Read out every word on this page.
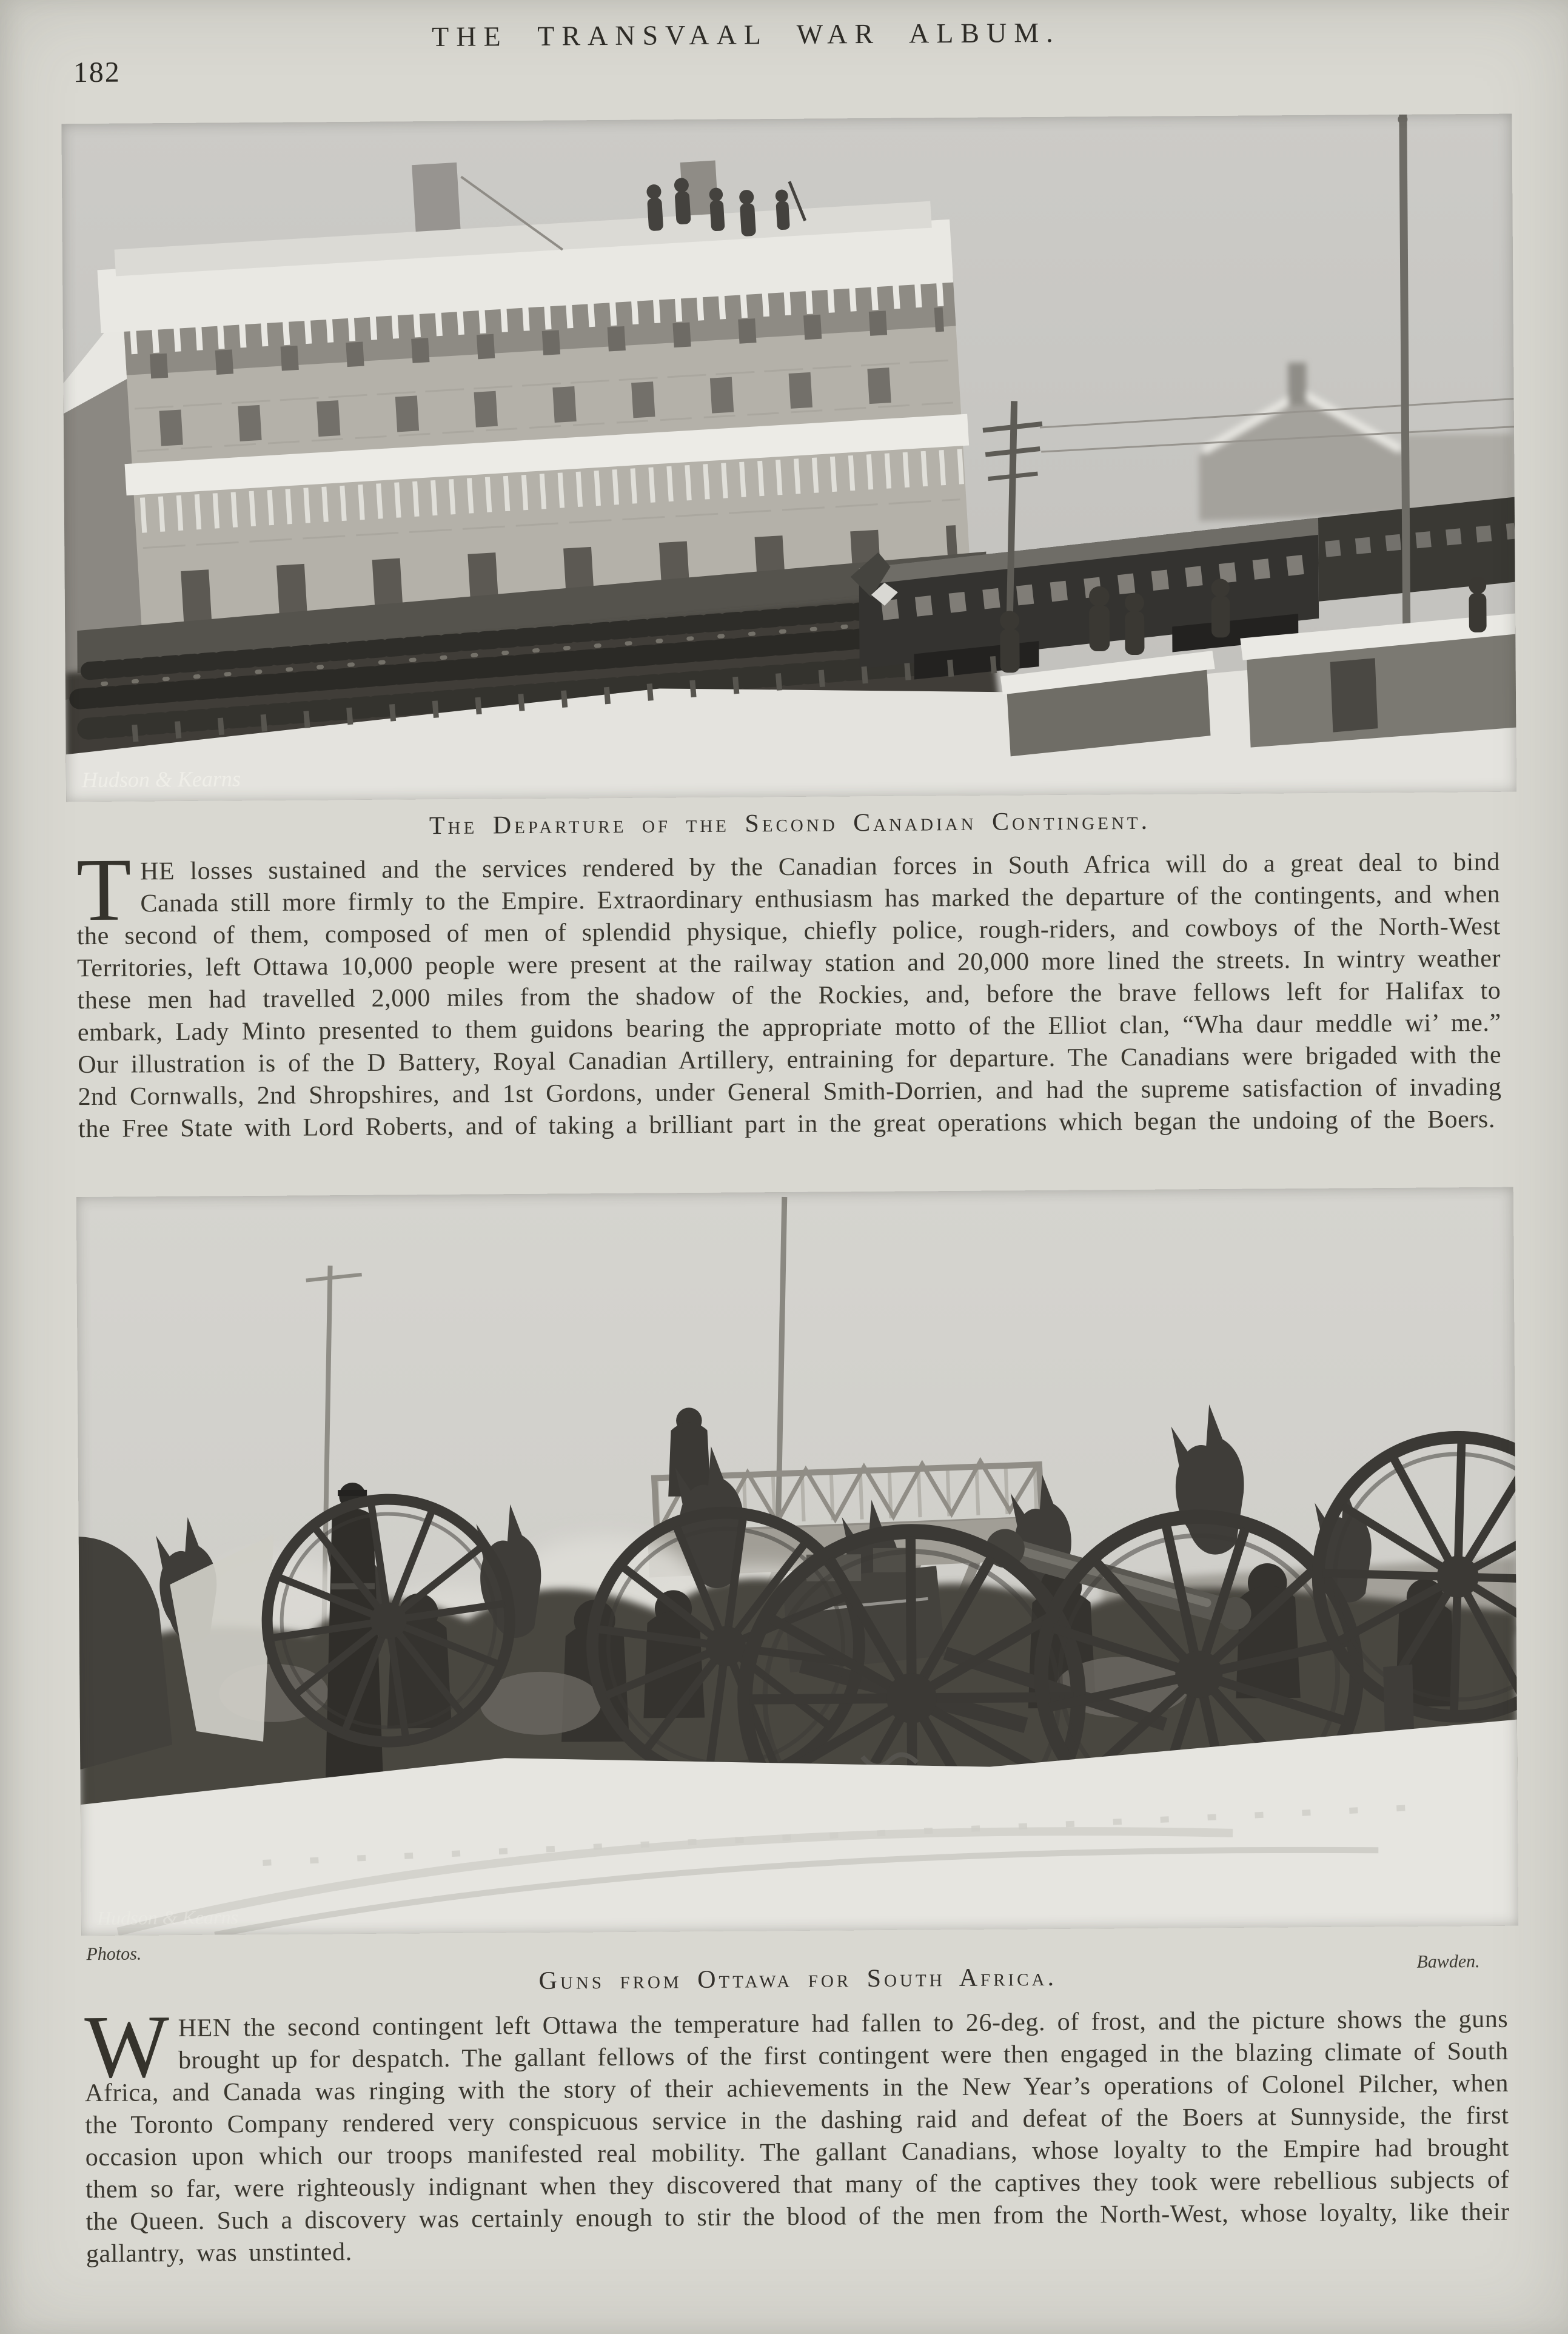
182
THE TRANSVAAL WAR ALBUM.
Hudson & Kearns
The Departure of the Second Canadian Contingent.

THE losses sustained and the services rendered by the Canadian forces in South Africa will do a great deal to bind Canada still more firmly to the Empire. Extraordinary enthusiasm has marked the departure of the contingents, and when the second of them, composed of men of splendid physique, chiefly police, rough-riders, and cowboys of the North-West Territories, left Ottawa 10,000 people were present at the railway station and 20,000 more lined the streets. In wintry weather these men had travelled 2,000 miles from the shadow of the Rockies, and, before the brave fellows left for Halifax to embark, Lady Minto presented to them guidons bearing the appropriate motto of the Elliot clan, “Wha daur meddle wi’ me.” Our illustration is of the D Battery, Royal Canadian Artillery, entraining for departure. The Canadians were brigaded with the 2nd Cornwalls, 2nd Shropshires, and 1st Gordons, under General Smith-Dorrien, and had the supreme satisfaction of invading the Free State with Lord Roberts, and of taking a brilliant part in the great operations which began the undoing of the Boers.

Hudson & Kearns
Photos.	Bawden.
Guns from Ottawa for South Africa.

WHEN the second contingent left Ottawa the temperature had fallen to 26-deg. of frost, and the picture shows the guns brought up for despatch. The gallant fellows of the first contingent were then engaged in the blazing climate of South Africa, and Canada was ringing with the story of their achievements in the New Year’s operations of Colonel Pilcher, when the Toronto Company rendered very conspicuous service in the dashing raid and defeat of the Boers at Sunnyside, the first occasion upon which our troops manifested real mobility. The gallant Canadians, whose loyalty to the Empire had brought them so far, were righteously indignant when they discovered that many of the captives they took were rebellious subjects of the Queen. Such a discovery was certainly enough to stir the blood of the men from the North-West, whose loyalty, like their gallantry, was unstinted.
